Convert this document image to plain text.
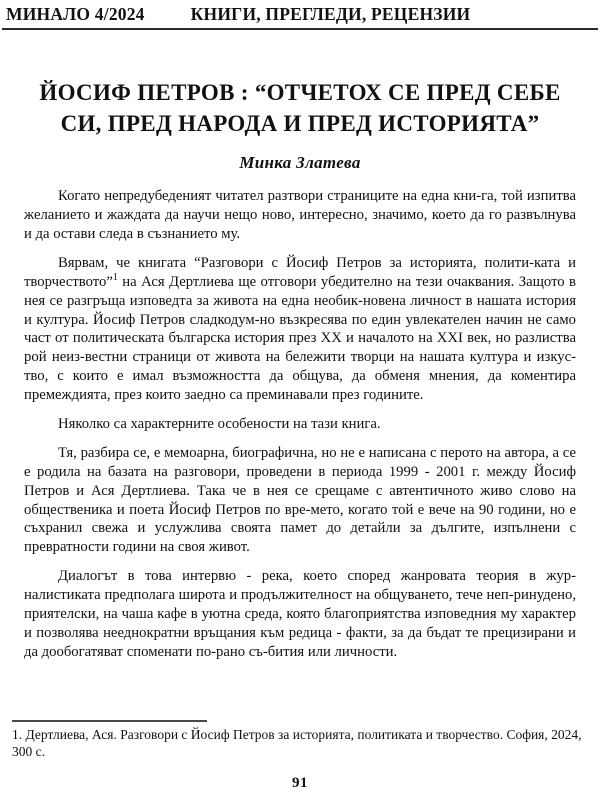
МИНАЛО 4/2024	КНИГИ, ПРЕГЛЕДИ, РЕЦЕНЗИИ
ЙОСИФ ПЕТРОВ : “ОТЧЕТОХ СЕ ПРЕД СЕБЕ СИ, ПРЕД НАРОДА И ПРЕД ИСТОРИЯТА”
Минка Златева

Когато непредубеденият читател разтвори страниците на една кни-га, той изпитва желанието и жаждата да научи нещо ново, интересно, значимо, което да го развълнува и да остави следа в съзнанието му.

Вярвам, че книгата “Разговори с Йосиф Петров за историята, полити-ката и творчеството”$^1$ на Ася Дертлиева ще отговори убедително на тези очаквания. Защото в нея се разгръща изповедта за живота на една необик-новена личност в нашата история и култура. Йосиф Петров сладкодум-но възкресява по един увлекателен начин не само част от политическата българска история през XX и началото на XXI век, но разлиства рой неиз-вестни страници от живота на бележити творци на нашата култура и изкус-тво, с които е имал възможността да общува, да обменя мнения, да коментира премеждията, през които заедно са преминавали през годините.

Няколко са характерните особености на тази книга.

Тя, разбира се, е мемоарна, биографична, но не е написана с перото на автора, а се е родила на базата на разговори, проведени в периода 1999 - 2001 г. между Йосиф Петров и Ася Дертлиева. Така че в нея се срещаме с автентичното живо слово на общественика и поета Йосиф Петров по вре-мето, когато той е вече на 90 години, но е съхранил свежа и услужлива своята памет до детайли за дългите, изпълнени с превратности години на своя живот.

Диалогът в това интервю - река, което според жанровата теория в жур-налистиката предполага широта и продължителност на общуването, тече неп-ринудено, приятелски, на чаша кафе в уютна среда, която благоприятства изповедния му характер и позволява нееднократни връщания към редица - факти, за да бъдат те прецизирани и да дообогатяват споменати по-рано съ-бития или личности.

1. Дертлиева, Ася. Разговори с Йосиф Петров за историята, политиката и творчество. София, 2024, 300 с.
91
